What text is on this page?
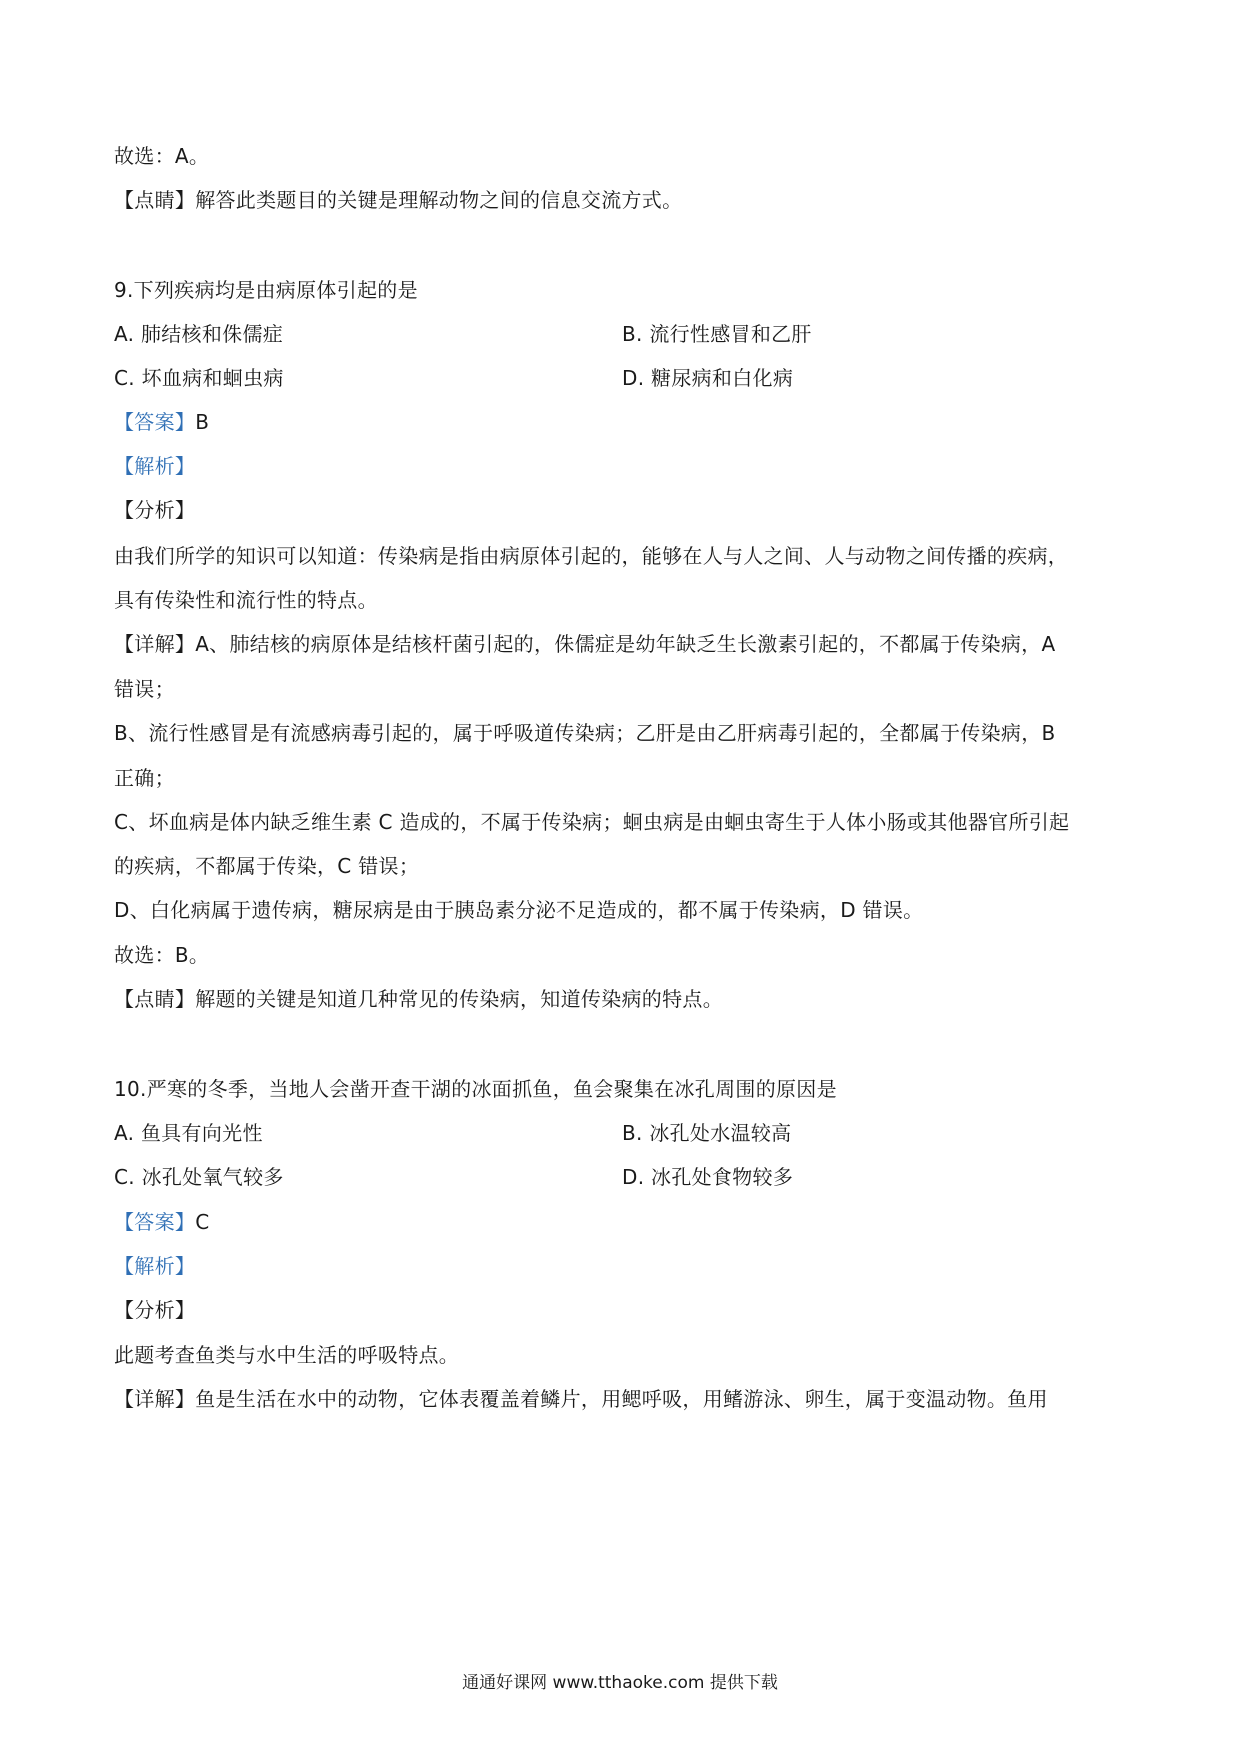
故选：A。
【点睛】解答此类题目的关键是理解动物之间的信息交流方式。
9.下列疾病均是由病原体引起的是
A. 肺结核和侏儒症	B. 流行性感冒和乙肝
C. 坏血病和蛔虫病	D. 糖尿病和白化病
【答案】B
【解析】
【分析】
由我们所学的知识可以知道：传染病是指由病原体引起的，能够在人与人之间、人与动物之间传播的疾病，
具有传染性和流行性的特点。
【详解】A、肺结核的病原体是结核杆菌引起的，侏儒症是幼年缺乏生长激素引起的，不都属于传染病，A
错误；
B、流行性感冒是有流感病毒引起的，属于呼吸道传染病；乙肝是由乙肝病毒引起的，全都属于传染病，B
正确；
C、坏血病是体内缺乏维生素 C 造成的，不属于传染病；蛔虫病是由蛔虫寄生于人体小肠或其他器官所引起
的疾病，不都属于传染，C 错误；
D、白化病属于遗传病，糖尿病是由于胰岛素分泌不足造成的，都不属于传染病，D 错误。
故选：B。
【点睛】解题的关键是知道几种常见的传染病，知道传染病的特点。
10.严寒的冬季，当地人会凿开查干湖的冰面抓鱼，鱼会聚集在冰孔周围的原因是
A. 鱼具有向光性	B. 冰孔处水温较高
C. 冰孔处氧气较多	D. 冰孔处食物较多
【答案】C
【解析】
【分析】
此题考查鱼类与水中生活的呼吸特点。
【详解】鱼是生活在水中的动物，它体表覆盖着鳞片，用鳃呼吸，用鳍游泳、卵生，属于变温动物。鱼用
通通好课网 www.tthaoke.com 提供下载
